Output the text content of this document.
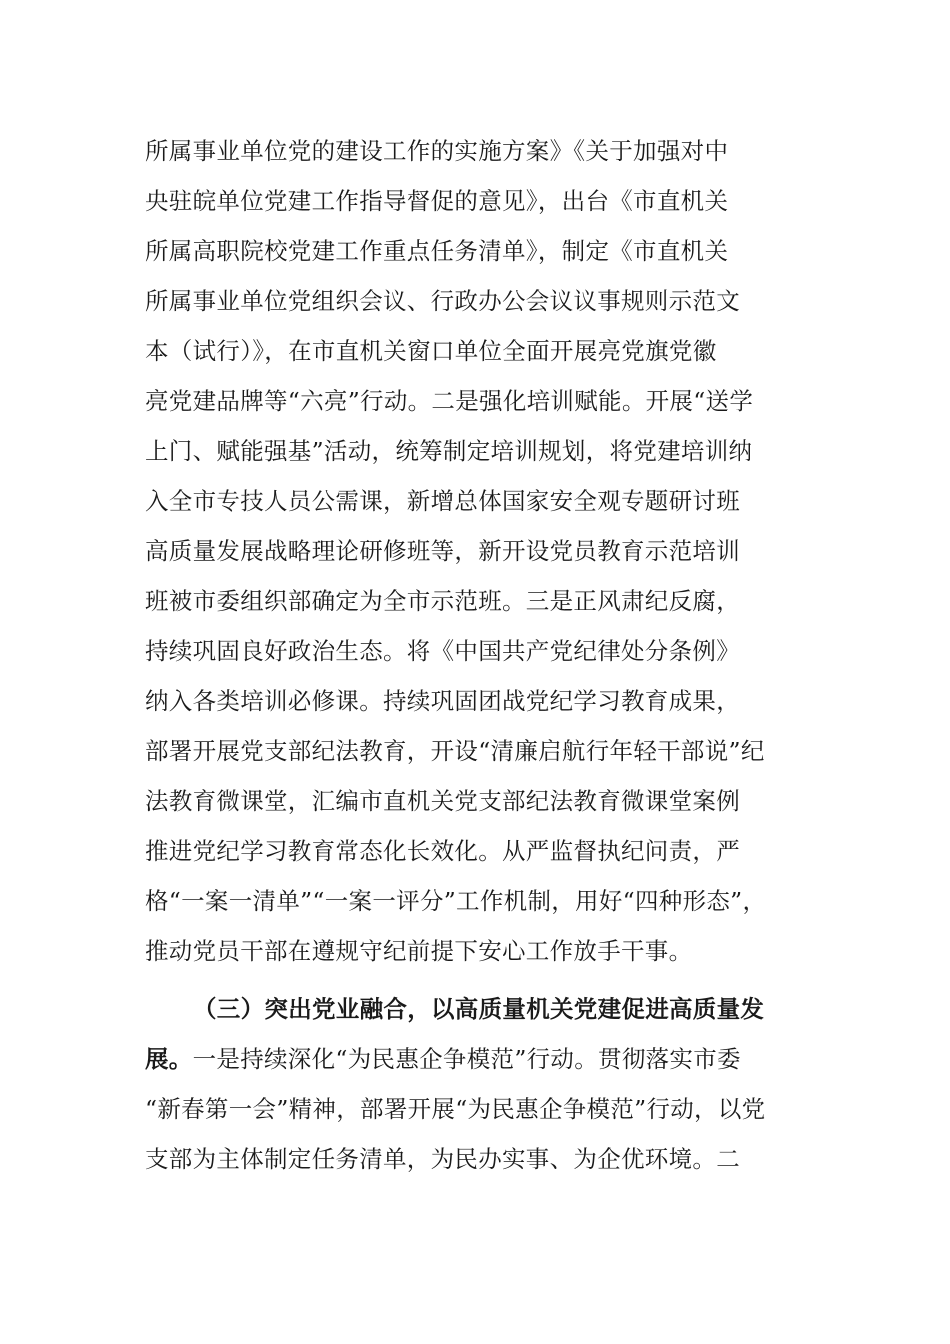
所属事业单位党的建设工作的实施方案》《关于加强对中
央驻皖单位党建工作指导督促的意见》，出台《市直机关
所属高职院校党建工作重点任务清单》，制定《市直机关
所属事业单位党组织会议、行政办公会议议事规则示范文
本（试行）》，在市直机关窗口单位全面开展亮党旗党徽
亮党建品牌等“六亮”行动。二是强化培训赋能。开展“送学
上门、赋能强基”活动，统筹制定培训规划，将党建培训纳
入全市专技人员公需课，新增总体国家安全观专题研讨班
高质量发展战略理论研修班等，新开设党员教育示范培训
班被市委组织部确定为全市示范班。三是正风肃纪反腐，
持续巩固良好政治生态。将《中国共产党纪律处分条例》
纳入各类培训必修课。持续巩固团战党纪学习教育成果，
部署开展党支部纪法教育，开设“清廉启航行年轻干部说”纪
法教育微课堂，汇编市直机关党支部纪法教育微课堂案例
推进党纪学习教育常态化长效化。从严监督执纪问责，严
格“一案一清单”“一案一评分”工作机制，用好“四种形态”，
推动党员干部在遵规守纪前提下安心工作放手干事。
（三）突出党业融合，以高质量机关党建促进高质量发
展。一是持续深化“为民惠企争模范”行动。贯彻落实市委
“新春第一会”精神，部署开展“为民惠企争模范”行动，以党
支部为主体制定任务清单，为民办实事、为企优环境。二
